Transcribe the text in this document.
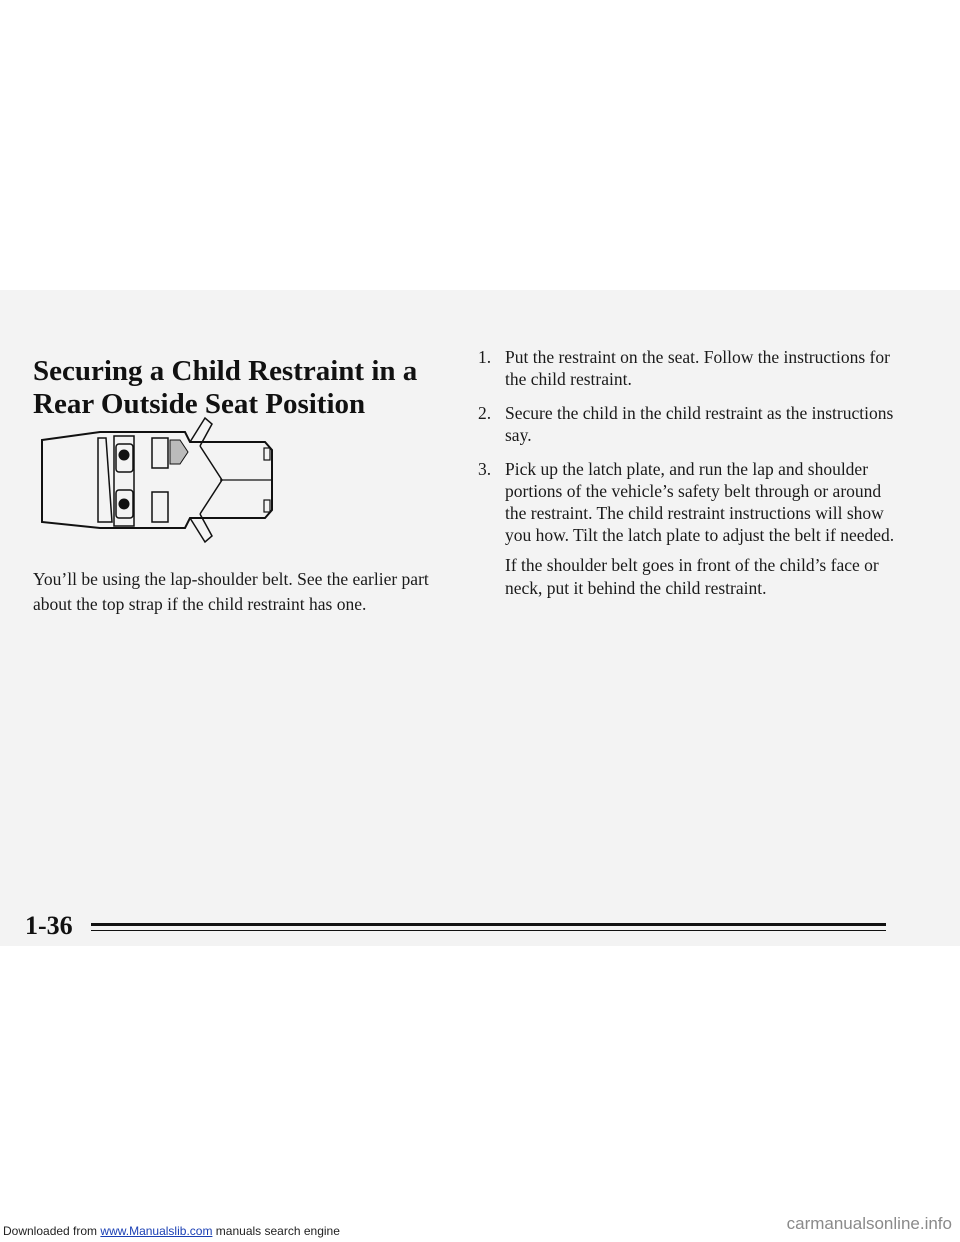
Securing a Child Restraint in a Rear Outside Seat Position

You’ll be using the lap-shoulder belt. See the earlier part about the top strap if the child restraint has one.

1. Put the restraint on the seat. Follow the instructions for the child restraint.
2. Secure the child in the child restraint as the instructions say.
3. Pick up the latch plate, and run the lap and shoulder portions of the vehicle’s safety belt through or around the restraint. The child restraint instructions will show you how. Tilt the latch plate to adjust the belt if needed.

If the shoulder belt goes in front of the child’s face or neck, put it behind the child restraint.

1-36
Downloaded from www.Manualslib.com manuals search engine	carmanualsonline.info
